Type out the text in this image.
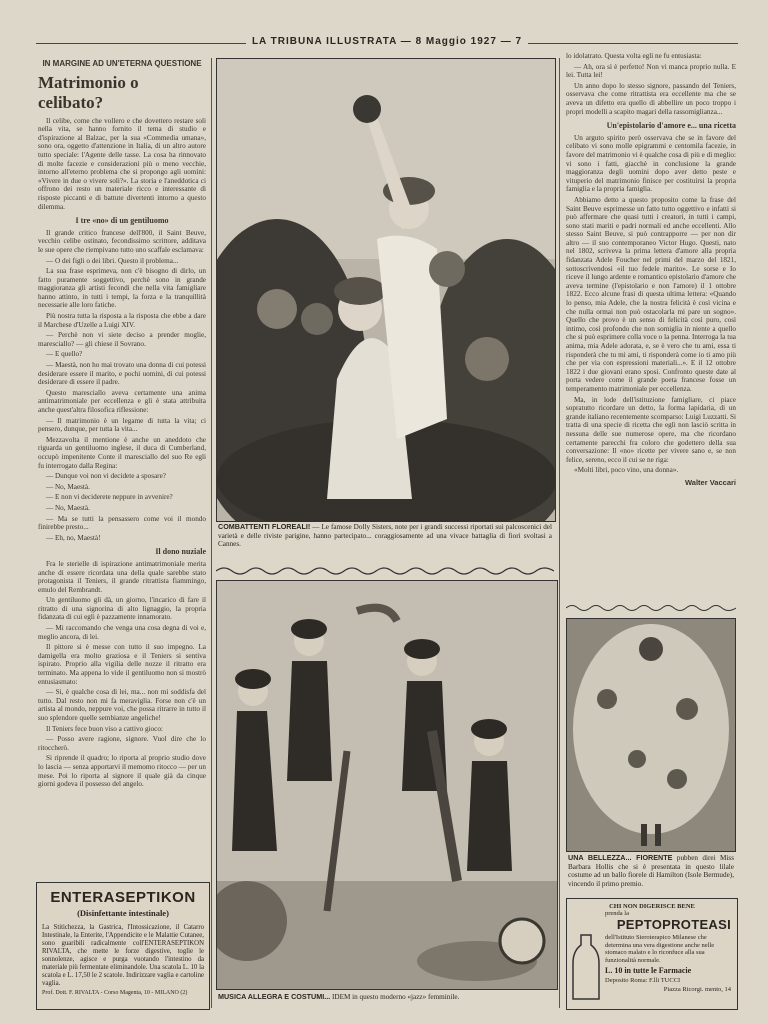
LA TRIBUNA ILLUSTRATA — 8 Maggio 1927 — 7
IN MARGINE AD UN'ETERNA QUESTIONE
Matrimonio o celibato?

Il celibe, come che vollero e che dovettero restare soli nella vita, se hanno fornito il tema di studio e d'ispirazione al Balzac, per la sua «Commedia umana», sono ora, oggetto d'attenzione in Italia, di un altro autore tutto speciale: l'Agente delle tasse. La cosa ha rinnovato di molte facezie e considerazioni più o meno vecchie, intorno all'eterno problema che si propongo agli uomini: «Vivere in due o vivere soli?». La storia e l'aneddotica ci offrono dei resto un materiale ricco e interessante di risposte piccanti e di battute divertenti intorno a questo dilemma.

I tre «no» di un gentiluomo

Il grande critico francese dell'800, il Saint Beuve, vecchio celibe ostinato, fecondissimo scrittore, additava le sue opere che riempivano tutto uno scaffale esclamava:

— O dei figli o dei libri. Questo il problema...

La sua frase esprimeva, non c'è bisogno di dirlo, un fatto puramente soggettivo, perchè sono in grande maggioranza gli artisti fecondi che nella vita famigliare hanno attinto, in tutti i tempi, la forza e la tranquillità necessarie alle loro fatiche.

Più nostra tutta la risposta a la risposta che ebbe a dare il Marchese d'Uzelle a Luigi XIV.

— Perchè non vi siete deciso a prender moglie, maresciallo? — gli chiese il Sovrano.

— E quello?

— Maestà, non ho mai trovato una donna di cui potessi desiderare essere il marito, e pochi uomini, di cui potessi desiderare di essere il padre.

Questo maresciallo aveva certamente una anima antimatrimoniale per eccellenza e gli è stata attribuita anche quest'altra filosofica riflessione:

— Il matrimonio è un legame di tutta la vita; ci pensero, dunque, per tutta la vita...

Mezzavolta il mentione è anche un aneddoto che riguarda un gentiluomo inglese, il duca di Cumberland, occupò impenitente Conte il maresciallo del suo Re egli fu interrogato dalla Regina:

— Dunque voi non vi decidete a sposare?

— No, Maestà.

— E non vi deciderete neppure in avvenire?

— No, Maestà.

— Ma se tutti la pensassero come voi il mondo finirebbe presto...

— Eh, no, Maestà!

Il dono nuziale

Fra le sterielle di ispirazione antimatrimoniale merita anche di essere ricordata una della quale sarebbe stato protagonista il Teniers, il grande ritrattista fiammingo, emulo del Rembrandt.

Un gentiluomo gli dà, un giorno, l'incarico di fare il ritratto di una signorina di alto lignaggio, la propria fidanzata di cui egli è pazzamente innamorato.

— Mi raccomando che venga una cosa degna di voi e, meglio ancora, di lei.

Il pittore si è messe con tutto il suo impegno. La damigella era molto graziosa e il Teniers si sentiva ispirato. Proprio alla vigilia delle nozze il ritratto era terminato. Ma appena lo vide il gentiluomo non si mostrò entusiasmato:

— Si, è qualche cosa di lei, ma... non mi soddisfa del tutto. Dal resto non mi fa meraviglia. Forse non c'è un artista al mondo, neppure voi, che possa ritrarre in tutto il suo splendore quelle sembianze angeliche!

Il Teniers fece buon viso a cattivo gioco:

— Posso avere ragione, signore. Vuol dire che lo ritoccherò.

Si riprende il quadro; lo riporta al proprio studio dove lo lascia — senza apportarvi il memomo ritocco — per un mese. Poi lo riporta al signore il quale già da cinque giorni godeva il possesso del angelo.

COMBATTENTI FLOREALI! — Le famose Dolly Sisters, note per i grandi successi riportati sui palcoscenici del varietà e delle riviste parigine, hanno partecipato... coraggiosamente ad una vivace battaglia di fiori svoltasi a Cannes.
MUSICA ALLEGRA E COSTUMI... IDEM in questo moderno «jazz» femminile.

lo idolatrato. Questa volta egli ne fu entusiasta:

— Ah, ora sì è perfetto! Non vi manca proprio nulla. E lei. Tutta lei!

Un anno dopo lo stesso signore, passando del Teniers, osservava che come ritrattista era eccellente ma che se aveva un difetto era quello di abbellire un poco troppo i propri modelli a scapito magari della rassomiglianza...

Un'epistolario d'amore e... una ricetta

Un arguto spirito però osservava che se in favore del celibato vi sono molle epigrammi e centomila facezie, in favore del matrimonio vi è qualche cosa di più e di meglio: vi sono i fatti, giacchè in conclusione la grande maggioranza degli uomini dopo aver detto peste e vituperio del matrimonio finisce per costituirsi la propria famiglia e la propria famiglia.

Abbiamo detto a questo proposito come la frase del Saint Beuve esprimesse un fatto tutto oggettivo e infatti si può affermare che quasi tutti i creatori, in tutti i campi, sono stati mariti e padri normali ed anche eccellenti. Allo stesso Saint Beuve, si può contrapporre — per non dir altro — il suo contemporaneo Victor Hugo. Questi, nato nel 1802, scriveva la prima lettera d'amore alla propria fidanzata Adele Foucher nel primi del marzo del 1821, sottoscrivendosi «il tuo fedele marito». Le sorse e Io riceve il lungo ardente e romantico epistolario d'amore che aveva termine (l'epistolario e non l'amore) il 1 ottobre 1822. Ecco alcune frasi di questa ultima lettera: «Quando lo penso, mia Adele, che la nostra felicità è così vicina e che nulla ormai non può ostacolarla mi pare un sogno». Quello che provo è un senso di felicità così puro, così intimo, così profondo che non somiglia in niente a quello che si può esprimere colla voce o la penna. Interroga la tua anima, mia Adele adorata, e, se è vero che tu ami, essa ti risponderà che tu mi ami, ti risponderà come io ti amo più che per via con espressioni materiali...». E il 12 ottobre 1822 i due giovani erano sposi. Confronto queste date al porta vedere come il grande poeta francese fosse un temperamento matrimoniale per eccellenza.

Ma, in lode dell'istituzione famigliare, ci piace sopratutto ricordare un detto, la forma lapidaria, di un grande italiano recentemente scomparso: Luigi Luzzatti. Si tratta di una specie di ricetta che egli non lasciò scritta in nessuna delle sue numerose opere, ma che ricordano certamente parecchi fra coloro che godettero della sua conversazione: Il «no» ricette per vivere sano e, se non felice, sereno, ecco il cui se ne riga:

«Molti libri, poco vino, una donna».

Walter Vaccari
UNA BELLEZZA... FIORENTE pubben direi Miss Barbara Hollis che si è presentata in questo lilale costume ad un ballo fiorele di Hamilton (Isole Bermude), vincendo il primo premio.
ENTERASEPTIKON
(Disinfettante intestinale)
La Stitichezza, la Gastrica, l'Intossicazione, il Catarro Intestinale, la Enterite, l'Appendicite e le Malattie Cutanee, sono guaribili radicalmente coll'ENTERASEPTIKON RIVALTA, che mette le forze digestive, toglie le sonnolenze, agisce e purga vuotando l'intestino da materiale più fermentate eliminandole. Una scatola L. 10 la scatola e L. 17,50 le 2 scatole. Indirizzare vaglia e cartoline vaglia.
Prof. Dott. F. RIVALTA - Corso Magenta, 10 - MILANO (2)
CHI NON DIGERISCE BENE
prenda la
PEPTOPROTEASI
dell'Istituto Sieroterapico Milanese che determina una vera digestione anche nelle stomaco malato e lo riconfuce alla sua funzionalità normale.
L. 10 in tutte le Farmacie
Deposito Roma: F.lli TUCCI
Piazza Ricorgi. mento, 14
